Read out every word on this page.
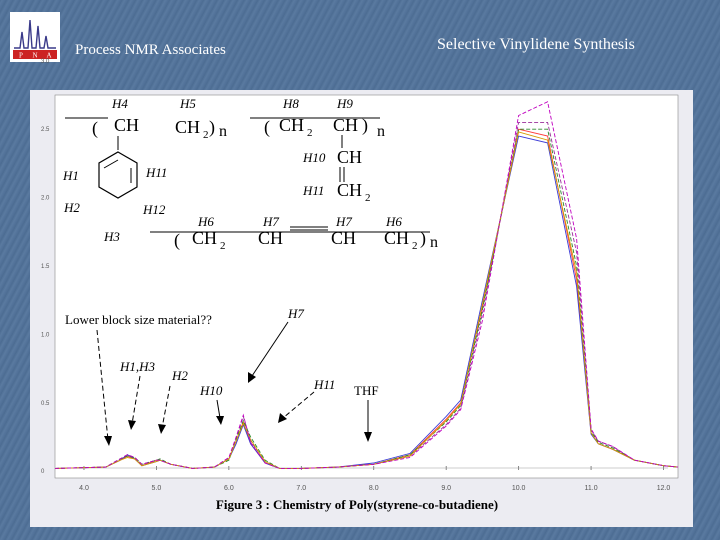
P N A Process NMR Associates	Selective Vinylidene Synthesis
4.0	5.0	6.0	7.0	8.0	9.0	10.0	11.0	12.0
0
0.5
1.0
1.5
2.0
2.5
3.0
H4	H5
( CH CH 2 ) n
H1	H11
H2	H12
H3
H8	H9
( CH 2 CH ) n
H10 CH
H11 CH 2
H6	H7	H7	H6
( CH 2 CH	CH CH 2 ) n
Lower block size material??
H1,H3
H2
H10
H7
H11 THF
Figure 3 : Chemistry of Poly(styrene-co-butadiene)
